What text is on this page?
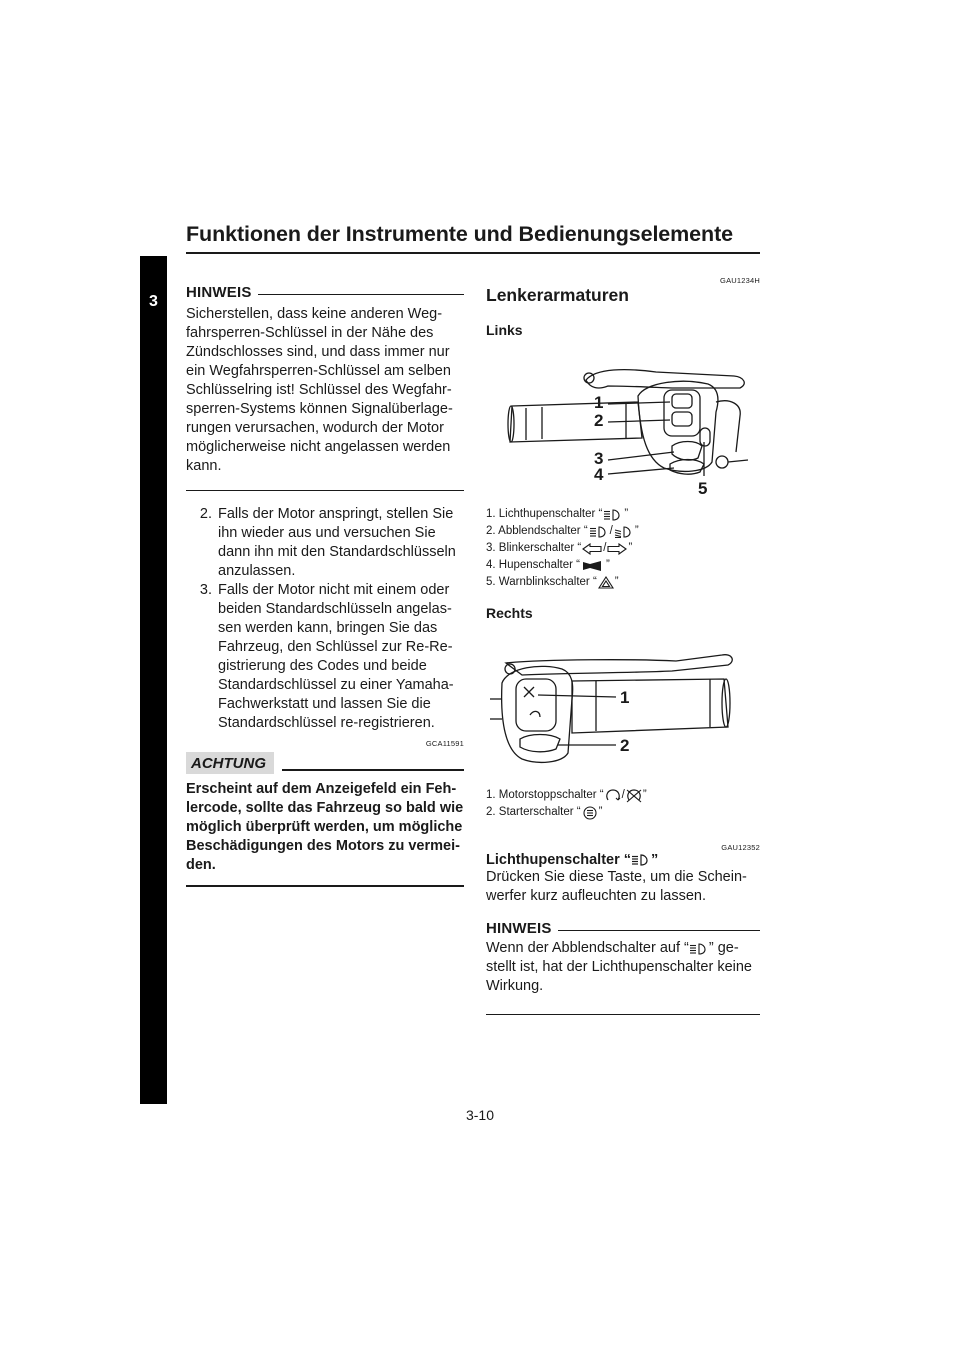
Funktionen der Instrumente und Bedienungselemente
3
HINWEIS
Sicherstellen, dass keine anderen Weg-
fahrsperren-Schlüssel in der Nähe des
Zündschlosses sind, und dass immer nur
ein Wegfahrsperren-Schlüssel am selben
Schlüsselring ist! Schlüssel des Wegfahr-
sperren-Systems können Signalüberlage-
rungen verursachen, wodurch der Motor
möglicherweise nicht angelassen werden
kann.
2. Falls der Motor anspringt, stellen Sie
ihn wieder aus und versuchen Sie
dann ihn mit den Standardschlüsseln
anzulassen.
3. Falls der Motor nicht mit einem oder
beiden Standardschlüsseln angelas-
sen werden kann, bringen Sie das
Fahrzeug, den Schlüssel zur Re-Re-
gistrierung des Codes und beide
Standardschlüssel zu einer Yamaha-
Fachwerkstatt und lassen Sie die
Standardschlüssel re-registrieren.
GCA11591
ACHTUNG
Erscheint auf dem Anzeigefeld ein Feh-
lercode, sollte das Fahrzeug so bald wie
möglich überprüft werden, um mögliche
Beschädigungen des Motors zu vermei-
den.
GAU1234H
Lenkerarmaturen
Links
1
2
3
4
5
1. Lichthupenschalter “ ”
2. Abblendschalter “ / ”
3. Blinkerschalter “ / ”
4. Hupenschalter “ ”
5. Warnblinkschalter “ ”
Rechts
1
2
1. Motorstoppschalter “ / ”
2. Starterschalter “ ”
GAU12352
Lichthupenschalter “ ”
Drücken Sie diese Taste, um die Schein-
werfer kurz aufleuchten zu lassen.
HINWEIS
Wenn der Abblendschalter auf “ ” ge-
stellt ist, hat der Lichthupenschalter keine
Wirkung.
3-10
